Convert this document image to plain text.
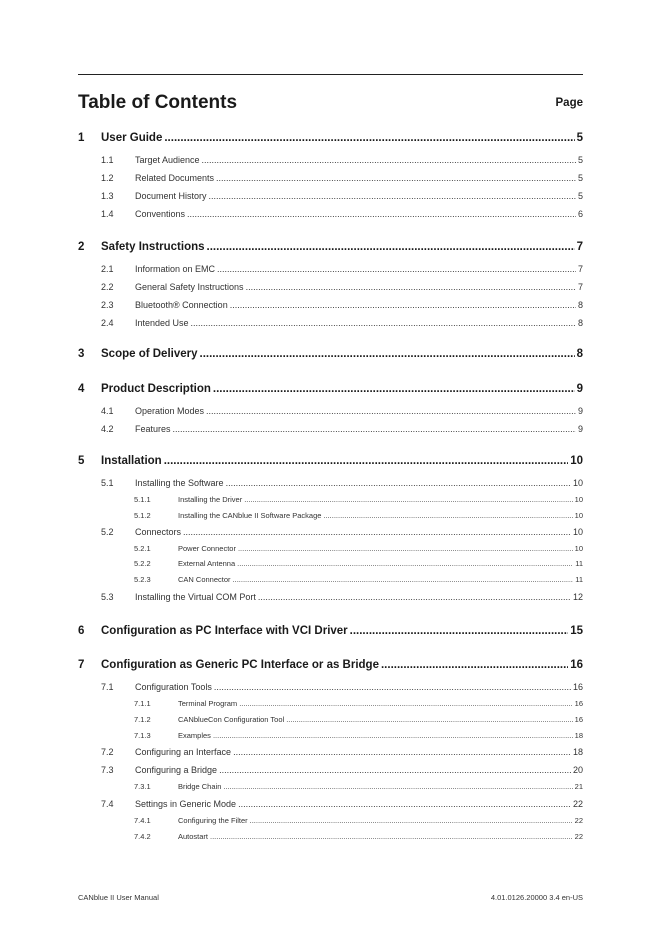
Table of Contents	Page
1	User Guide .....	5
1.1	Target Audience .....	5
1.2	Related Documents .....	5
1.3	Document History .....	5
1.4	Conventions .....	6
2	Safety Instructions .....	7
2.1	Information on EMC .....	7
2.2	General Safety Instructions .....	7
2.3	Bluetooth® Connection .....	8
2.4	Intended Use .....	8
3	Scope of Delivery .....	8
4	Product Description .....	9
4.1	Operation Modes .....	9
4.2	Features .....	9
5	Installation .....	10
5.1	Installing the Software .....	10
5.1.1	Installing the Driver .....	10
5.1.2	Installing the CANblue II Software Package .....	10
5.2	Connectors .....	10
5.2.1	Power Connector .....	10
5.2.2	External Antenna .....	11
5.2.3	CAN Connector .....	11
5.3	Installing the Virtual COM Port .....	12
6	Configuration as PC Interface with VCI Driver .....	15
7	Configuration as Generic PC Interface or as Bridge .....	16
7.1	Configuration Tools .....	16
7.1.1	Terminal Program .....	16
7.1.2	CANblueCon Configuration Tool .....	16
7.1.3	Examples .....	18
7.2	Configuring an Interface .....	18
7.3	Configuring a Bridge .....	20
7.3.1	Bridge Chain .....	21
7.4	Settings in Generic Mode .....	22
7.4.1	Configuring the Filter .....	22
7.4.2	Autostart .....	22
CANblue II User Manual	4.01.0126.20000 3.4 en-US
